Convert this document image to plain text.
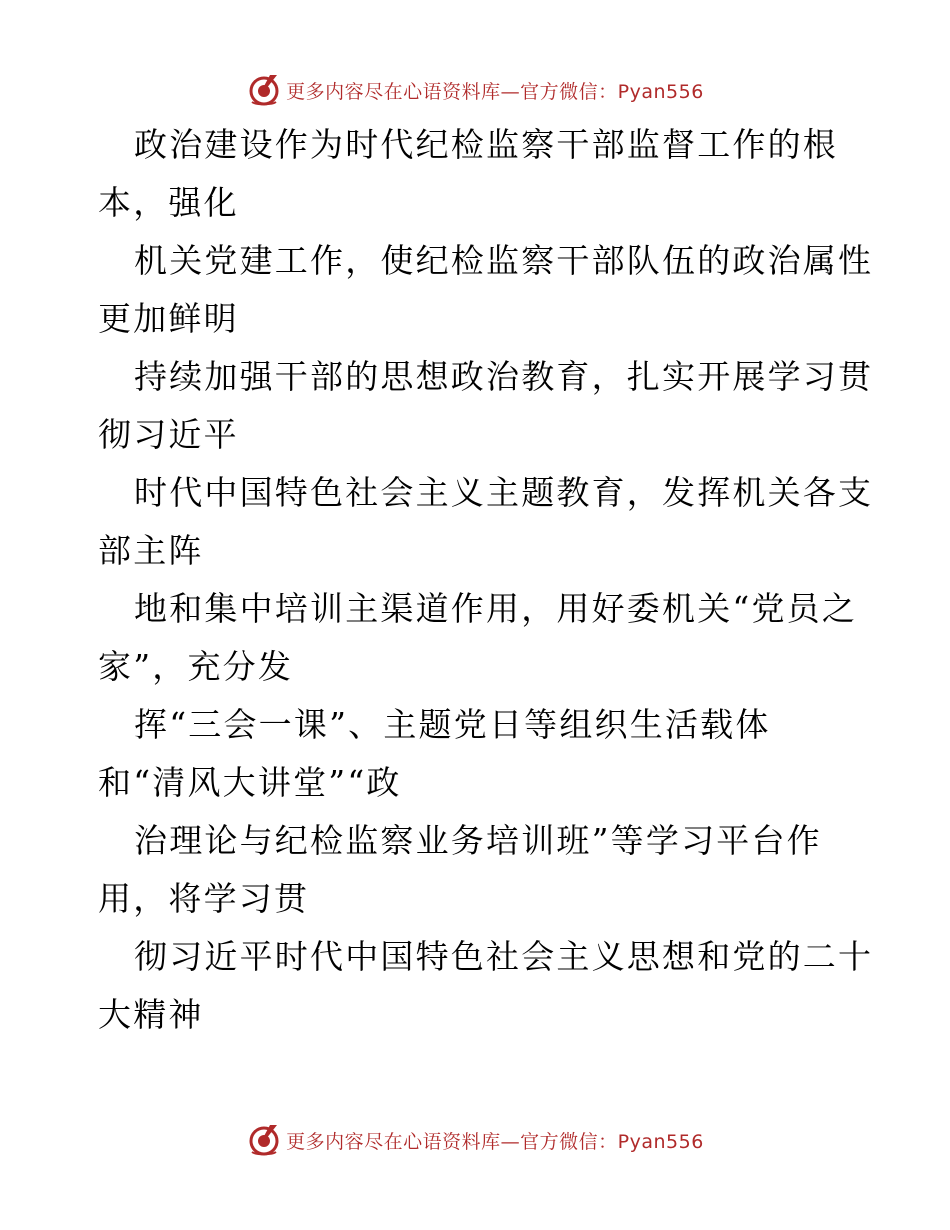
更多内容尽在心语资料库—官方微信：Pyan556
政治建设作为时代纪检监察干部监督工作的根
本，强化
机关党建工作，使纪检监察干部队伍的政治属性
更加鲜明
持续加强干部的思想政治教育，扎实开展学习贯
彻习近平
时代中国特色社会主义主题教育，发挥机关各支
部主阵
地和集中培训主渠道作用，用好委机关“党员之
家”，充分发
挥“三会一课”、主题党日等组织生活载体
和“清风大讲堂”“政
治理论与纪检监察业务培训班”等学习平台作
用，将学习贯
彻习近平时代中国特色社会主义思想和党的二十
大精神
更多内容尽在心语资料库—官方微信：Pyan556
